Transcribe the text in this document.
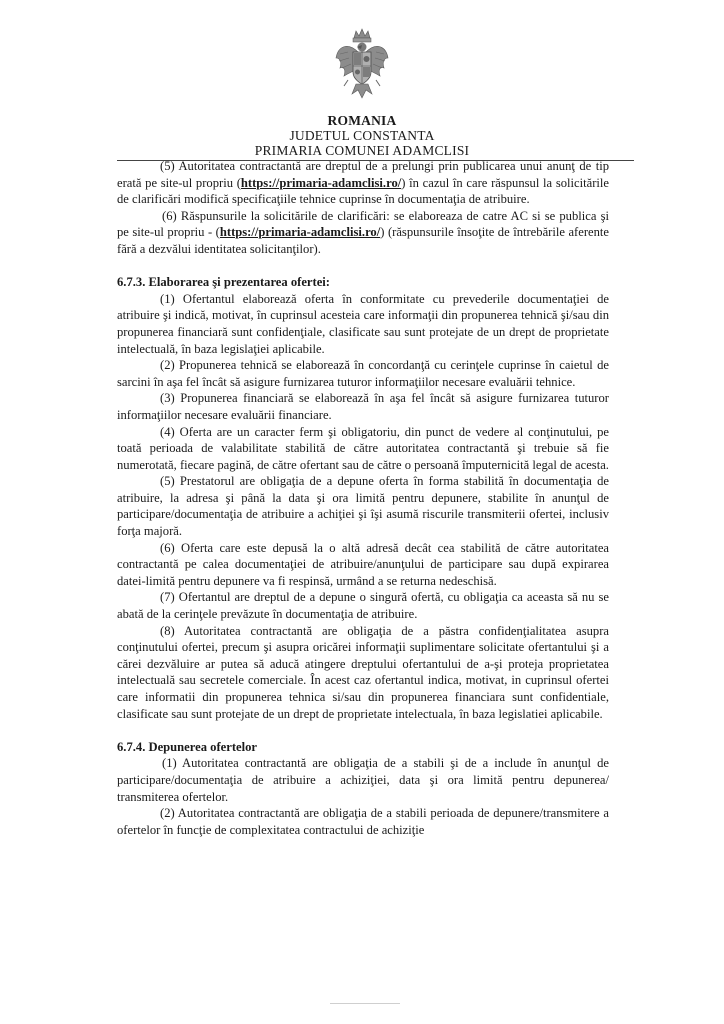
ROMANIA
JUDETUL CONSTANTA
PRIMARIA COMUNEI ADAMCLISI

(5) Autoritatea contractantă are dreptul de a prelungi prin publicarea unui anunţ de tip erată pe site-ul propriu (https://primaria-adamclisi.ro/) în cazul în care răspunsul la solicitările de clarificări modifică specificaţiile tehnice cuprinse în documentaţia de atribuire.

(6) Răspunsurile la solicitările de clarificări: se elaboreaza de catre AC si se publica şi pe site-ul propriu - (https://primaria-adamclisi.ro/) (răspunsurile însoţite de întrebările aferente fără a dezvălui identitatea solicitanţilor).

6.7.3. Elaborarea şi prezentarea ofertei:

(1) Ofertantul elaborează oferta în conformitate cu prevederile documentaţiei de atribuire şi indică, motivat, în cuprinsul acesteia care informaţii din propunerea tehnică şi/sau din propunerea financiară sunt confidenţiale, clasificate sau sunt protejate de un drept de proprietate intelectuală, în baza legislaţiei aplicabile.

(2) Propunerea tehnică se elaborează în concordanţă cu cerinţele cuprinse în caietul de sarcini în aşa fel încât să asigure furnizarea tuturor informaţiilor necesare evaluării tehnice.

(3) Propunerea financiară se elaborează în aşa fel încât să asigure furnizarea tuturor informaţiilor necesare evaluării financiare.

(4) Oferta are un caracter ferm şi obligatoriu, din punct de vedere al conţinutului, pe toată perioada de valabilitate stabilită de către autoritatea contractantă şi trebuie să fie numerotată, fiecare pagină, de către ofertant sau de către o persoană împuternicită legal de acesta.

(5) Prestatorul are obligaţia de a depune oferta în forma stabilită în documentaţia de atribuire, la adresa şi până la data şi ora limită pentru depunere, stabilite în anunţul de participare/documentaţia de atribuire a achiţiei şi îşi asumă riscurile transmiterii ofertei, inclusiv forţa majoră.

(6) Oferta care este depusă la o altă adresă decât cea stabilită de către autoritatea contractantă pe calea documentaţiei de atribuire/anunţului de participare sau după expirarea datei-limită pentru depunere va fi respinsă, urmând a se returna nedeschisă.

(7) Ofertantul are dreptul de a depune o singură ofertă, cu obligaţia ca aceasta să nu se abată de la cerinţele prevăzute în documentaţia de atribuire.

(8) Autoritatea contractantă are obligaţia de a păstra confidenţialitatea asupra conţinutului ofertei, precum şi asupra oricărei informaţii suplimentare solicitate ofertantului şi a cărei dezvăluire ar putea să aducă atingere dreptului ofertantului de a-şi proteja proprietatea intelectuală sau secretele comerciale. În acest caz ofertantul indica, motivat, in cuprinsul ofertei care informatii din propunerea tehnica si/sau din propunerea financiara sunt confidentiale, clasificate sau sunt protejate de un drept de proprietate intelectuala, în baza legislatiei aplicabile.

6.7.4. Depunerea ofertelor

(1) Autoritatea contractantă are obligaţia de a stabili şi de a include în anunţul de participare/documentaţia de atribuire a achiziţiei, data şi ora limită pentru depunerea/ transmiterea ofertelor.

(2) Autoritatea contractantă are obligaţia de a stabili perioada de depunere/transmitere a ofertelor în funcţie de complexitatea contractului de achiziţie
